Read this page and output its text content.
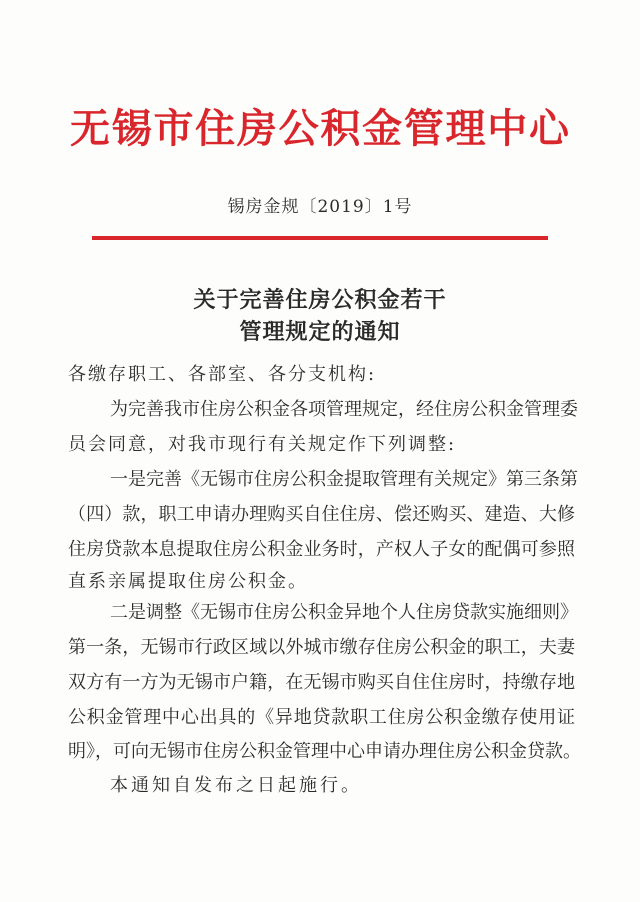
无锡市住房公积金管理中心
锡房金规〔2019〕1号
关于完善住房公积金若干
管理规定的通知
各缴存职工、各部室、各分支机构:
为完善我市住房公积金各项管理规定，经住房公积金管理委
员会同意，对我市现行有关规定作下列调整:
一是完善《无锡市住房公积金提取管理有关规定》第三条第
（四）款，职工申请办理购买自住住房、偿还购买、建造、大修
住房贷款本息提取住房公积金业务时，产权人子女的配偶可参照
直系亲属提取住房公积金。
二是调整《无锡市住房公积金异地个人住房贷款实施细则》
第一条，无锡市行政区域以外城市缴存住房公积金的职工，夫妻
双方有一方为无锡市户籍，在无锡市购买自住住房时，持缴存地
公积金管理中心出具的《异地贷款职工住房公积金缴存使用证
明》，可向无锡市住房公积金管理中心申请办理住房公积金贷款。
本通知自发布之日起施行。
